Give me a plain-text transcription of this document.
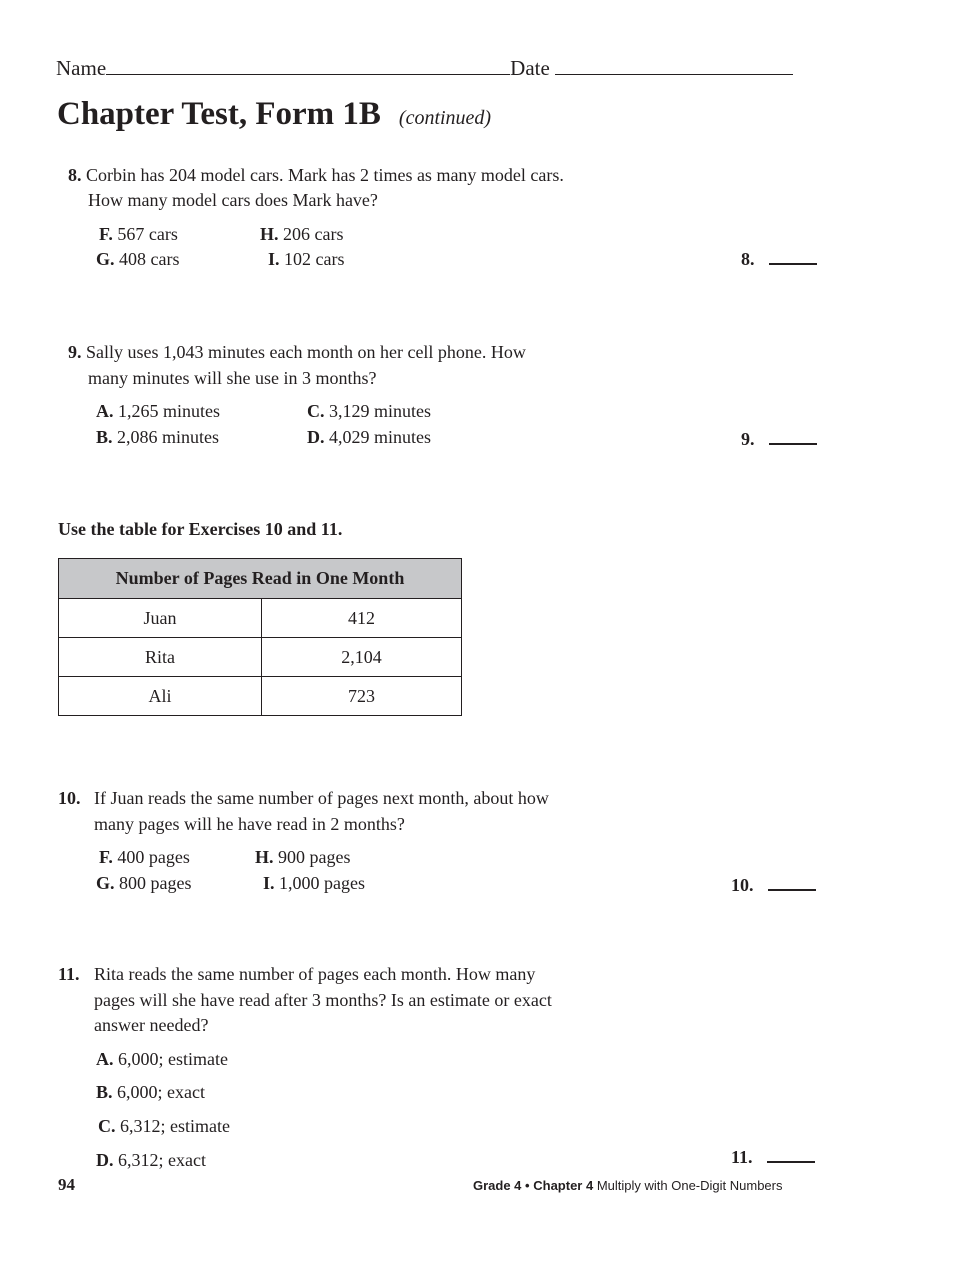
Name	Date
Chapter Test, Form 1B (continued)
8. Corbin has 204 model cars. Mark has 2 times as many model cars.
How many model cars does Mark have?
F. 567 cars	H. 206 cars
G. 408 cars	I. 102 cars	8.
9. Sally uses 1,043 minutes each month on her cell phone. How
many minutes will she use in 3 months?
A. 1,265 minutes	C. 3,129 minutes
B. 2,086 minutes	D. 4,029 minutes	9.
Use the table for Exercises 10 and 11.
Number of Pages Read in One Month	
Juan	412
Rita	2,104
Ali	723
10. If Juan reads the same number of pages next month, about how
many pages will he have read in 2 months?
F. 400 pages	H. 900 pages
G. 800 pages	I. 1,000 pages	10.
11. Rita reads the same number of pages each month. How many
pages will she have read after 3 months? Is an estimate or exact
answer needed?
A. 6,000; estimate
B. 6,000; exact
C. 6,312; estimate
D. 6,312; exact	11.
94	Grade 4 • Chapter 4 Multiply with One-Digit Numbers
